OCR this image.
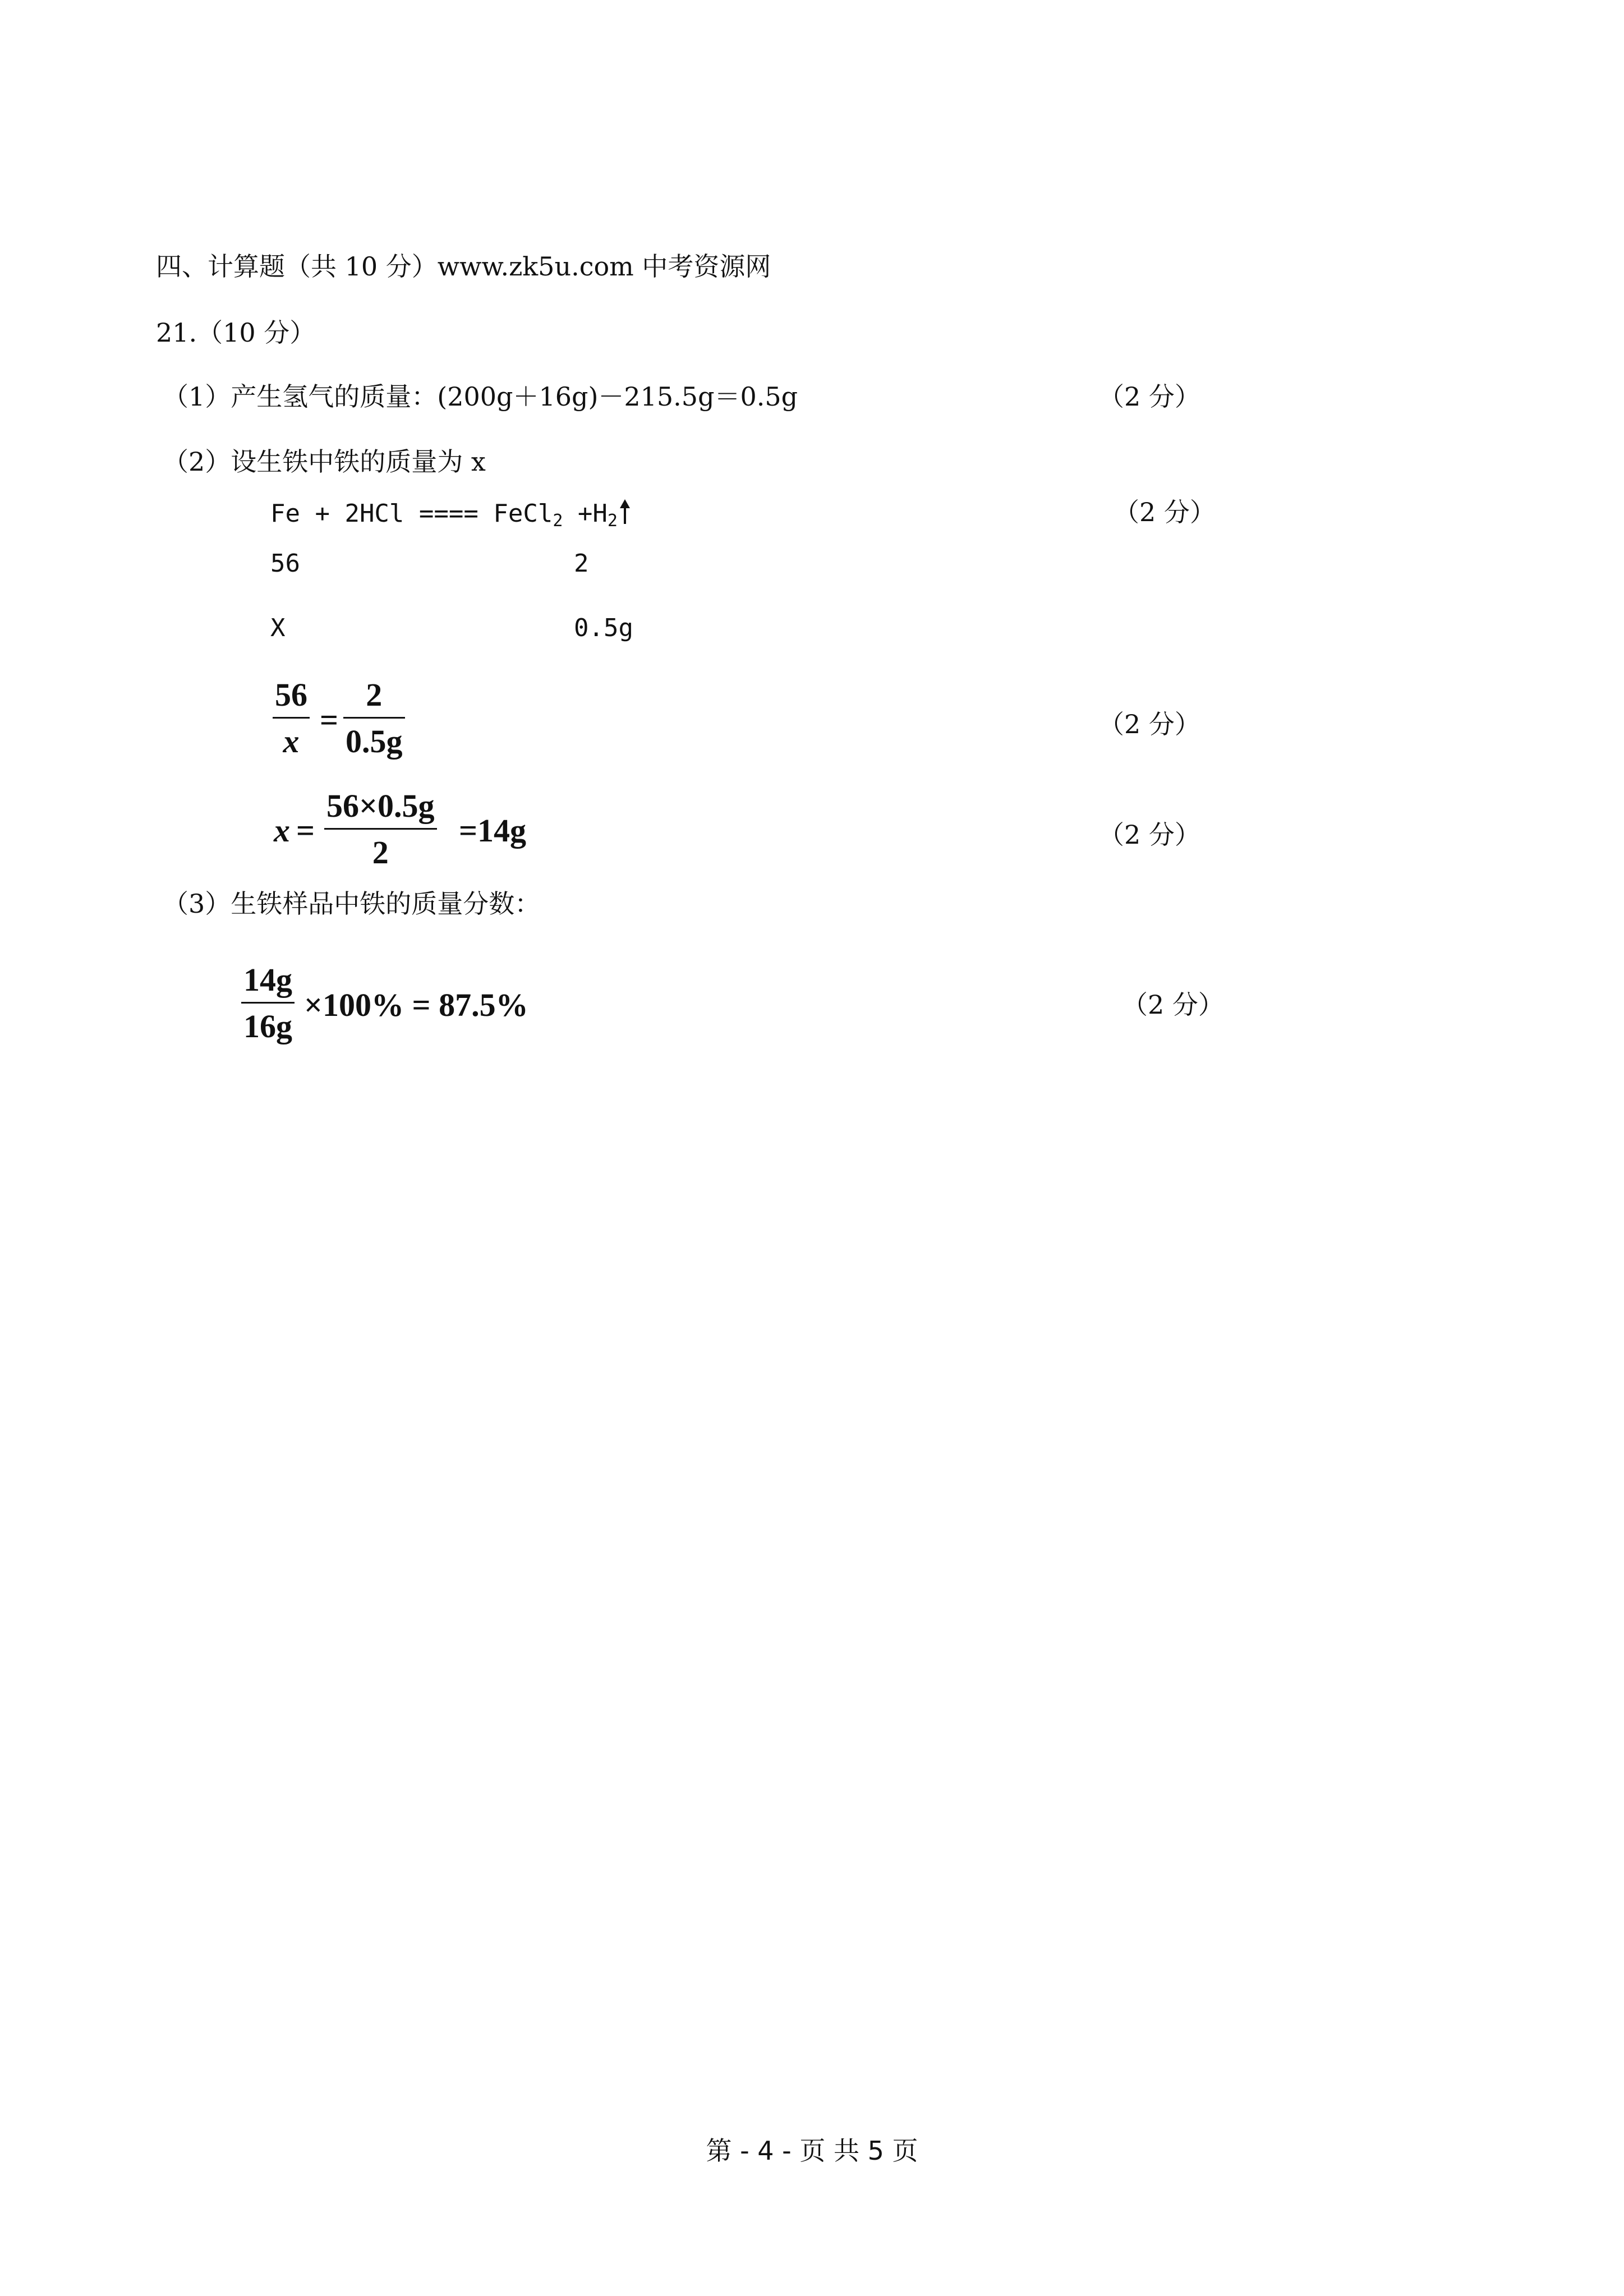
四、计算题（共 10 分）www.zk5u.com 中考资源网
21.（10 分）
（1）产生氢气的质量：(200g＋16g)－215.5g＝0.5g	（2 分）
（2）设生铁中铁的质量为 x
Fe + 2HCl ==== FeCl$_2$ $+H_2$	（2 分）
56	2
X	0.5g
56
x
=
2
0.5g	（2 分）
x =
56×0.5g
2
=14g	（2 分）
（3）生铁样品中铁的质量分数：
14g
16g
×100% = 87.5%	（2 分）
第 - 4 - 页 共 5 页
